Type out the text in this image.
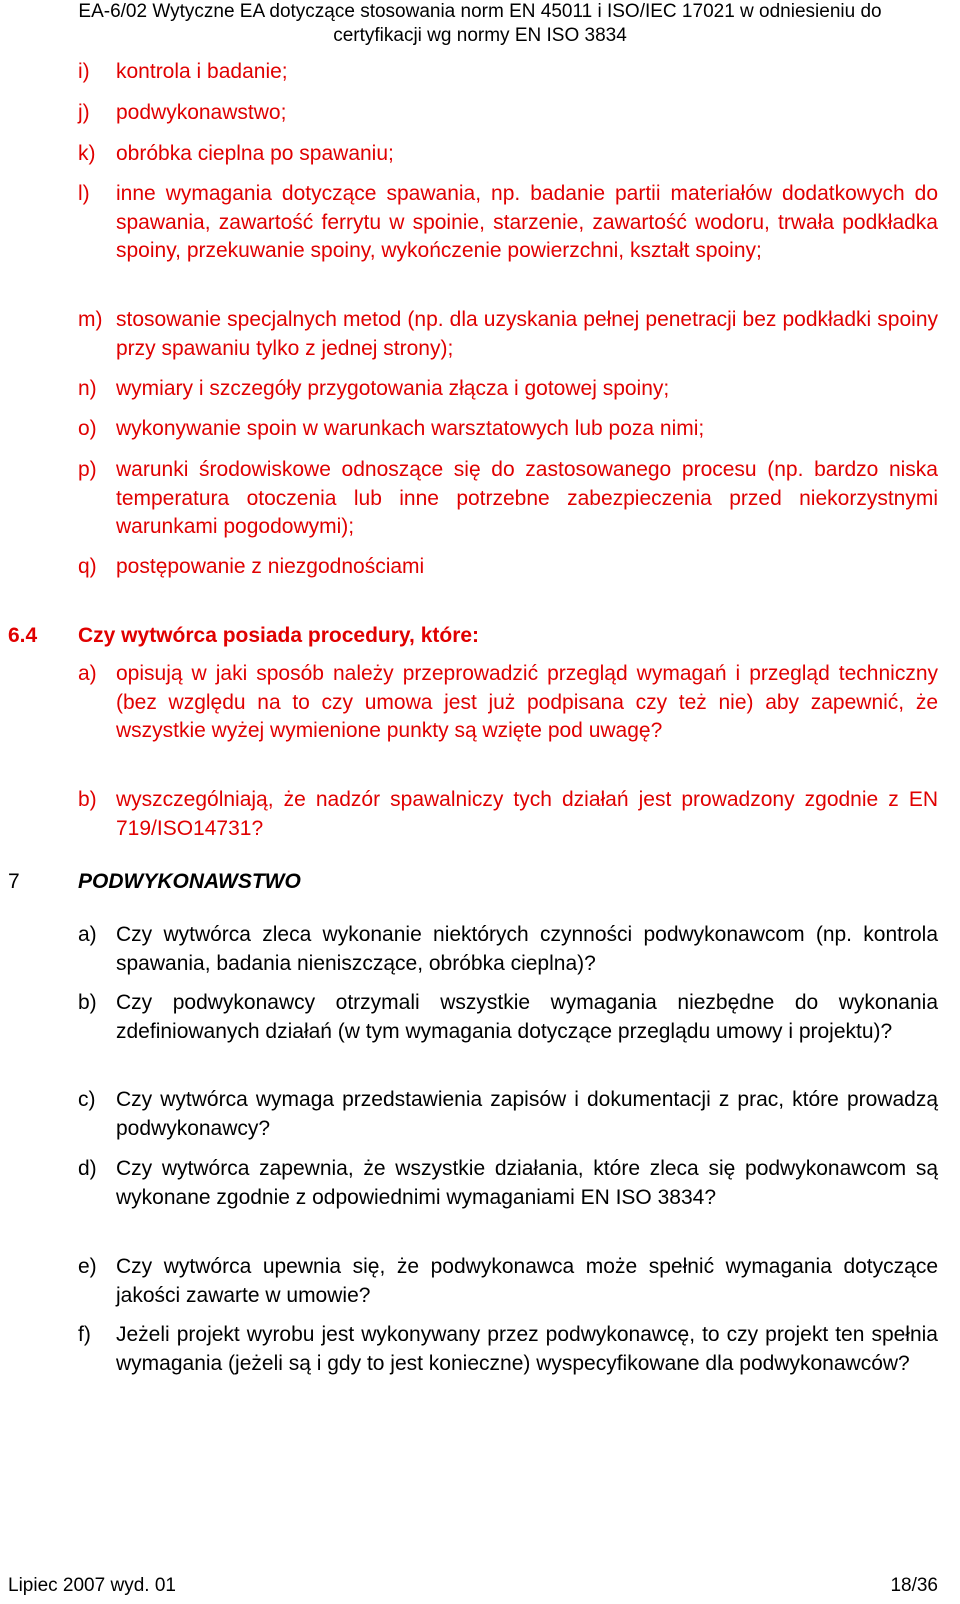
EA-6/02 Wytyczne EA dotyczące stosowania norm EN 45011 i ISO/IEC 17021 w odniesieniu do
certyfikacji wg normy EN ISO 3834
i) kontrola i badanie;
j) podwykonawstwo;
k) obróbka cieplna po spawaniu;
l) inne wymagania dotyczące spawania, np. badanie partii materiałów dodatkowych do spawania, zawartość ferrytu w spoinie, starzenie, zawartość wodoru, trwała podkładka spoiny, przekuwanie spoiny, wykończenie powierzchni, kształt spoiny;
m) stosowanie specjalnych metod (np. dla uzyskania pełnej penetracji bez podkładki spoiny przy spawaniu tylko z jednej strony);
n) wymiary i szczegóły przygotowania złącza i gotowej spoiny;
o) wykonywanie spoin w warunkach warsztatowych lub poza nimi;
p) warunki środowiskowe odnoszące się do zastosowanego procesu (np. bardzo niska temperatura otoczenia lub inne potrzebne zabezpieczenia przed niekorzystnymi warunkami pogodowymi);
q) postępowanie z niezgodnościami
6.4 Czy wytwórca posiada procedury, które:
a) opisują w jaki sposób należy przeprowadzić przegląd wymagań i przegląd techniczny (bez względu na to czy umowa jest już podpisana czy też nie) aby zapewnić, że wszystkie wyżej wymienione punkty są wzięte pod uwagę?
b) wyszczególniają, że nadzór spawalniczy tych działań jest prowadzony zgodnie z EN 719/ISO14731?
7	PODWYKONAWSTWO
a) Czy wytwórca zleca wykonanie niektórych czynności podwykonawcom (np. kontrola spawania, badania nieniszczące, obróbka cieplna)?
b) Czy podwykonawcy otrzymali wszystkie wymagania niezbędne do wykonania zdefiniowanych działań (w tym wymagania dotyczące przeglądu umowy i projektu)?
c) Czy wytwórca wymaga przedstawienia zapisów i dokumentacji z prac, które prowadzą podwykonawcy?
d) Czy wytwórca zapewnia, że wszystkie działania, które zleca się podwykonawcom są wykonane zgodnie z odpowiednimi wymaganiami EN ISO 3834?
e) Czy wytwórca upewnia się, że podwykonawca może spełnić wymagania dotyczące jakości zawarte w umowie?
f) Jeżeli projekt wyrobu jest wykonywany przez podwykonawcę, to czy projekt ten spełnia wymagania (jeżeli są i gdy to jest konieczne) wyspecyfikowane dla podwykonawców?
Lipiec 2007 wyd. 01	18/36
